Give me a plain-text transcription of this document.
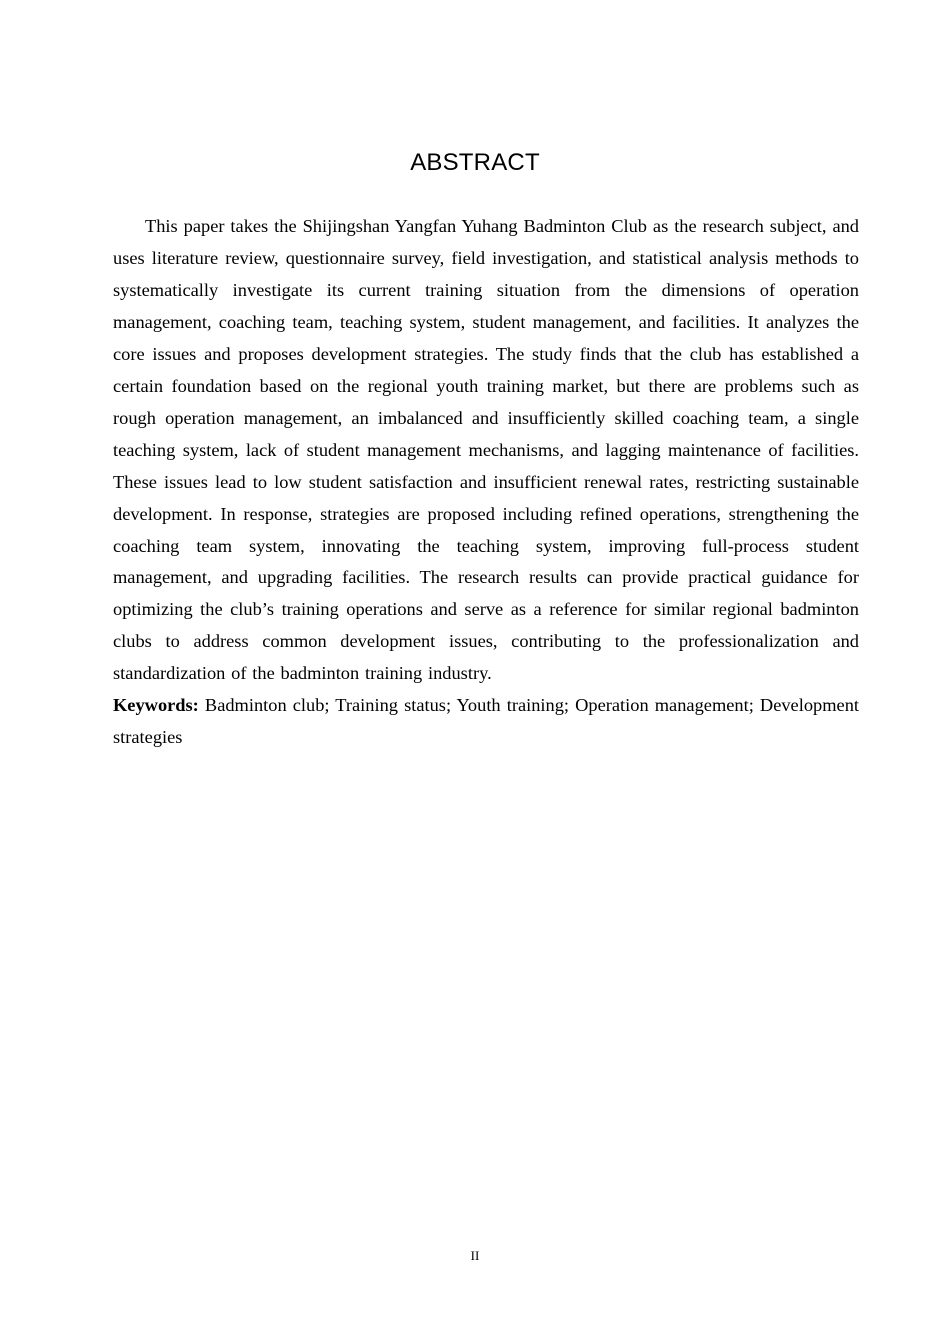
ABSTRACT

This paper takes the Shijingshan Yangfan Yuhang Badminton Club as the research subject, and uses literature review, questionnaire survey, field investigation, and statistical analysis methods to systematically investigate its current training situation from the dimensions of operation management, coaching team, teaching system, student management, and facilities. It analyzes the core issues and proposes development strategies. The study finds that the club has established a certain foundation based on the regional youth training market, but there are problems such as rough operation management, an imbalanced and insufficiently skilled coaching team, a single teaching system, lack of student management mechanisms, and lagging maintenance of facilities. These issues lead to low student satisfaction and insufficient renewal rates, restricting sustainable development. In response, strategies are proposed including refined operations, strengthening the coaching team system, innovating the teaching system, improving full-process student management, and upgrading facilities. The research results can provide practical guidance for optimizing the club’s training operations and serve as a reference for similar regional badminton clubs to address common development issues, contributing to the professionalization and standardization of the badminton training industry.

Keywords: Badminton club; Training status; Youth training; Operation management; Development strategies

II
